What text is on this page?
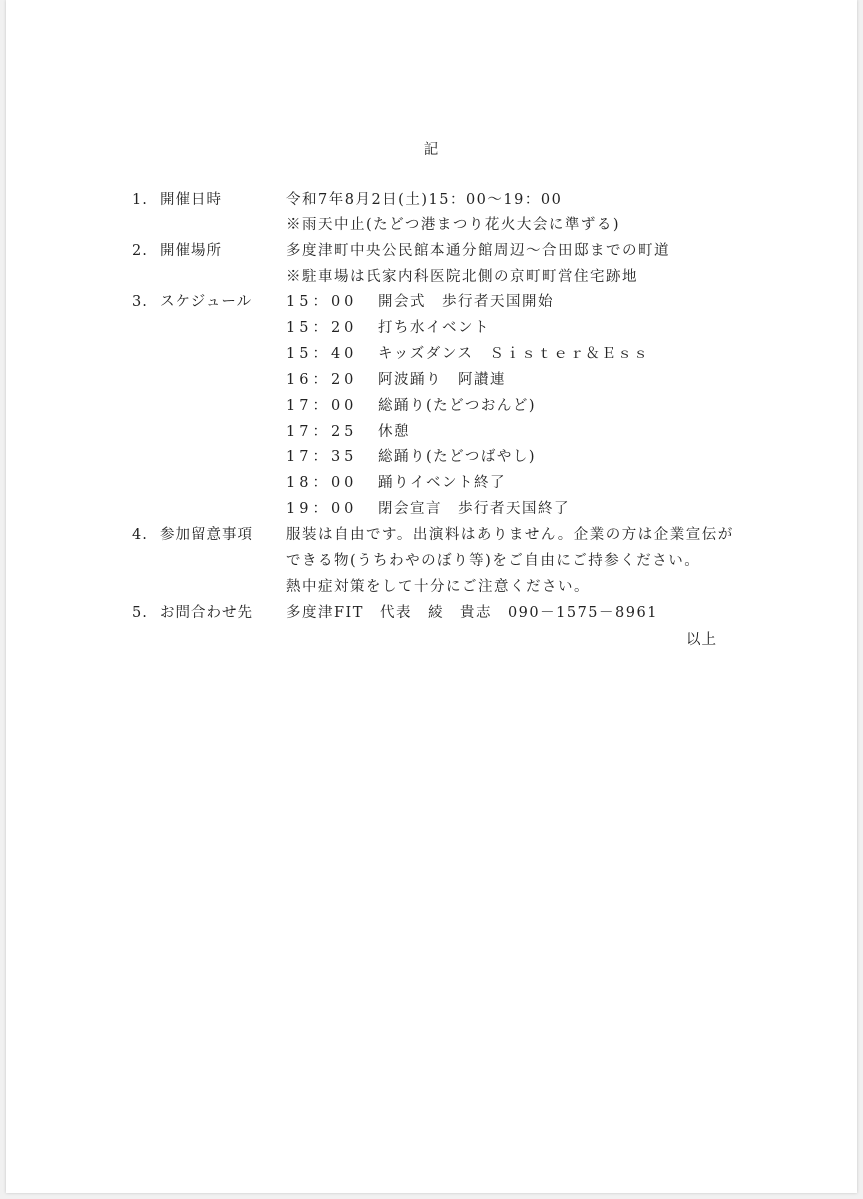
記
1. 開催日時	令和7年8月2日(土)15：00～19：00
※雨天中止(たどつ港まつり花火大会に準ずる)
2. 開催場所	多度津町中央公民館本通分館周辺～合田邸までの町道
※駐車場は氏家内科医院北側の京町町営住宅跡地
3. スケジュール 15：00 開会式　歩行者天国開始
15：20 打ち水イベント
15：40 キッズダンス　Ｓｉｓｔｅｒ＆Ｅｓｓ
16：20 阿波踊り　阿讃連
17：00 総踊り(たどつおんど)
17：25 休憩
17：35 総踊り(たどつばやし)
18：00 踊りイベント終了
19：00 閉会宣言　歩行者天国終了
4. 参加留意事項 服装は自由です。出演料はありません。企業の方は企業宣伝が
できる物(うちわやのぼり等)をご自由にご持参ください。
熱中症対策をして十分にご注意ください。
5. お問合わせ先 多度津FIT　代表　綾　貴志　090－1575－8961
以上
